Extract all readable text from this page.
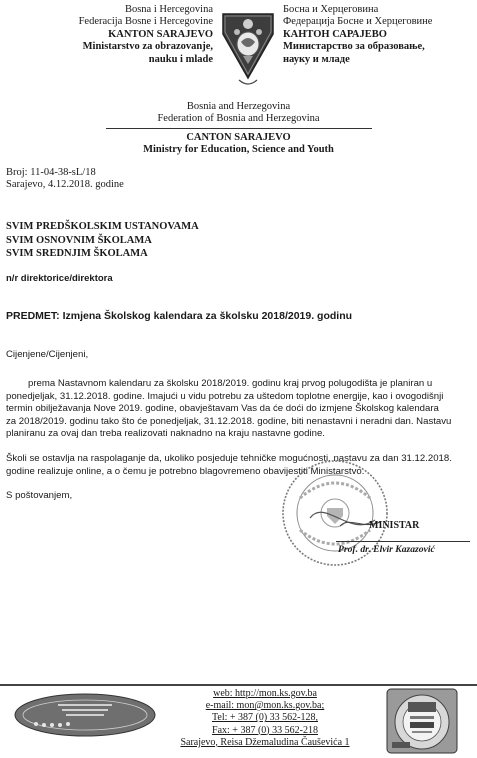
Bosna i Hercegovina
Federacija Bosne i Hercegovine
KANTON SARAJEVO
Ministarstvo za obrazovanje,
nauku i mlade
Босна и Херцеговина
Федерација Босне и Херцеговине
КАНТОН САРАЈЕВО
Министарство за образовање,
науку и младе
Bosnia and Herzegovina
Federation of Bosnia and Herzegovina
CANTON SARAJEVO
Ministry for Education, Science and Youth
Broj: 11-04-38-sL/18
Sarajevo, 4.12.2018. godine
SVIM PREDŠKOLSKIM USTANOVAMA
SVIM OSNOVNIM ŠKOLAMA
SVIM SREDNJIM ŠKOLAMA
n/r direktorice/direktora
PREDMET: Izmjena Školskog kalendara za školsku 2018/2019. godinu
Cijenjene/Cijenjeni,
prema Nastavnom kalendaru za školsku 2018/2019. godinu kraj prvog polugodišta je planiran u
ponedjeljak, 31.12.2018. godine. Imajući u vidu potrebu za uštedom toplotne energije, kao i ovogodišnji
termin obilježavanja Nove 2019. godine, obavještavam Vas da će doći do izmjene Školskog kalendara
za 2018/2019. godinu tako što će ponedjeljak, 31.12.2018. godine, biti nenastavni i neradni dan. Nastavu
planiranu za ovaj dan treba realizovati naknadno na kraju nastavne godine.
Školi se ostavlja na raspolaganje da, ukoliko posjeduje tehničke mogućnosti, nastavu za dan 31.12.2018.
godine realizuje online, a o čemu je potrebno blagovremeno obavijestiti Ministarstvo.
S poštovanjem,
MINISTAR
Prof. dr. Elvir Kazazović
web: http://mon.ks.gov.ba
e-mail: mon@mon.ks.gov.ba;
Tel: + 387 (0) 33 562-128,
Fax: + 387 (0) 33 562-218
Sarajevo, Reisa Džemaludina Čauševića 1
